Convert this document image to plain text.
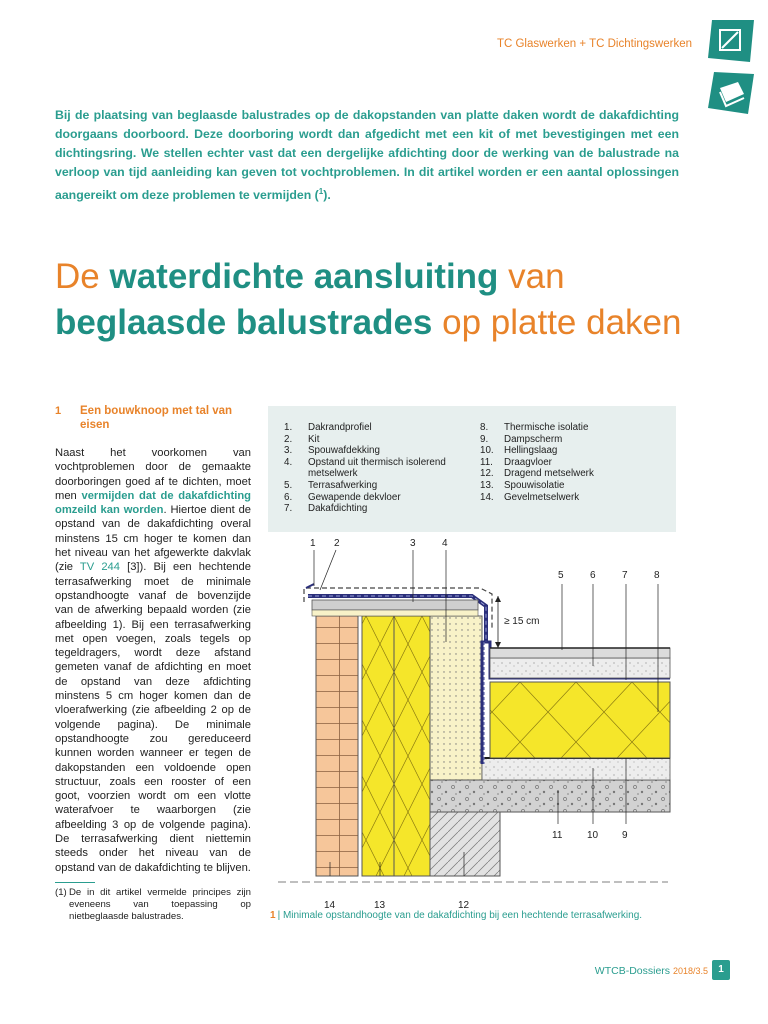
TC Glaswerken + TC Dichtingswerken
Bij de plaatsing van beglaasde balustrades op de dakopstanden van platte daken wordt de dakafdichting doorgaans doorboord. Deze doorboring wordt dan afgedicht met een kit of met bevestigingen met een dichtingsring. We stellen echter vast dat een dergelijke afdichting door de werking van de balustrade na verloop van tijd aanleiding kan geven tot vochtproblemen. In dit artikel worden er een aantal oplossingen aangereikt om deze problemen te vermijden ($^1$).
De waterdichte aansluiting van
beglaasde balustrades op platte daken
1 Een bouwknoop met tal van eisen
Naast het voorkomen van vochtproblemen door de gemaakte doorboringen goed af te dichten, moet men vermijden dat de dakafdichting omzeild kan worden. Hiertoe dient de opstand van de dakafdichting overal minstens 15 cm hoger te komen dan het niveau van het afgewerkte dakvlak (zie TV 244 [3]). Bij een hechtende terrasafwerking moet de minimale opstandhoogte vanaf de bovenzijde van de afwerking bepaald worden (zie afbeelding 1). Bij een terrasafwerking met open voegen, zoals tegels op tegeldragers, wordt deze afstand gemeten vanaf de afdichting en moet de opstand van deze afdichting minstens 5 cm hoger komen dan de vloerafwerking (zie afbeelding 2 op de volgende pagina). De minimale opstandhoogte zou gereduceerd kunnen worden wanneer er tegen de dakopstanden een voldoende open structuur, zoals een rooster of een goot, voorzien wordt om een vlotte waterafvoer te waarborgen (zie afbeelding 3 op de volgende pagina). De terrasafwerking dient niettemin steeds onder het niveau van de opstand van de dakafdichting te blijven.
(1) De in dit artikel vermelde principes zijn eveneens van toepassing op nietbeglaasde balustrades.
1.	Dakrandprofiel
2.	Kit
3.	Spouwafdekking
4.	Opstand uit thermisch isolerend metselwerk
5.	Terrasafwerking
6.	Gewapende dekvloer
7.	Dakafdichting
8.	Thermische isolatie
9.	Dampscherm
10.	Hellingslaag
11.	Draagvloer
12.	Dragend metselwerk
13.	Spouwisolatie
14.	Gevelmetselwerk
≥ 15 cm
1 2	3	4
5	6	7	8
14	13	12
11 10 9
1 | Minimale opstandhoogte van de dakafdichting bij een hechtende terrasafwerking.
WTCB-Dossiers 2018/3.5	1
